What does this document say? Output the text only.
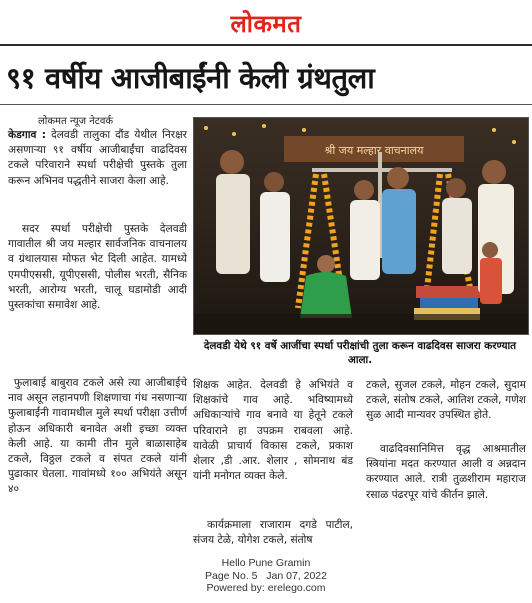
लोकमत
९१ वर्षीय आजीबाईंनी केली ग्रंथतुला
लोकमत न्यूज नेटवर्क

केडगाव : देलवडी तालुका दौंड येथील निरक्षर असणाऱ्या ९१ वर्षीय आजीबाईंचा वाढदिवस टकले परिवाराने स्पर्धा परीक्षेची पुस्तके तुला करून अभिनव पद्धतीने साजरा केला आहे.

सदर स्पर्धा परीक्षेची पुस्तके देलवडी गावातील श्री जय मल्हार सार्वजनिक वाचनालय व ग्रंथालयास मोफत भेट दिली आहेत. यामध्ये एमपीएससी, यूपीएससी, पोलीस भरती, सैनिक भरती, आरोग्य भरती, चालू घडामोडी आदी पुस्तकांचा समावेश आहे.

फुलाबाई बाबुराव टकले असे त्या आजीबाईचे नाव असून लहानपणी शिक्षणाचा गंध नसणाऱ्या फुलाबाईंनी गावामधील मुले स्पर्धा परीक्षा उत्तीर्ण होऊन अधिकारी बनावेत अशी इच्छा व्यक्त केली आहे. या कामी तीन मुले बाळासाहेब टकले, विठ्ठल टकले व संपत टकले यांनी पुढाकार घेतला. गावांमध्ये १०० अभियंते असून ४०

श्री जय मल्हार वाचनालय
देलवडी येथे ९१ वर्षे आजींचा स्पर्धा परीक्षांची तुला करून वाढदिवस साजरा करण्यात आला.

शिक्षक आहेत. देलवडी हे अभियंते व शिक्षकांचे गाव आहे. भविष्यामध्ये अधिकाऱ्यांचे गाव बनावे या हेतूने टकले परिवाराने हा उपक्रम राबवला आहे. यावेळी प्राचार्य विकास टकले, प्रकाश शेलार ,डी .आर. शेलार , सोमनाथ बंड यांनी मनोगत व्यक्त केले.

कार्यक्रमाला राजाराम दगडे पाटील, संजय टेळे, योगेश टकले, संतोष

टकले, सुजल टकले, मोहन टकले, सुदाम टकले, संतोष टकले, आतिश टकले, गणेश सुळ आदी मान्यवर उपस्थित होते.

वाढदिवसानिमित्त वृद्ध आश्रमातील स्त्रियांना मदत करण्यात आली व अन्नदान करण्यात आले. रात्री तुळशीराम महाराज रसाळ पंढरपूर यांचे कीर्तन झाले.

Hello Pune Gramin
Page No. 5   Jan 07, 2022
Powered by: erelego.com
